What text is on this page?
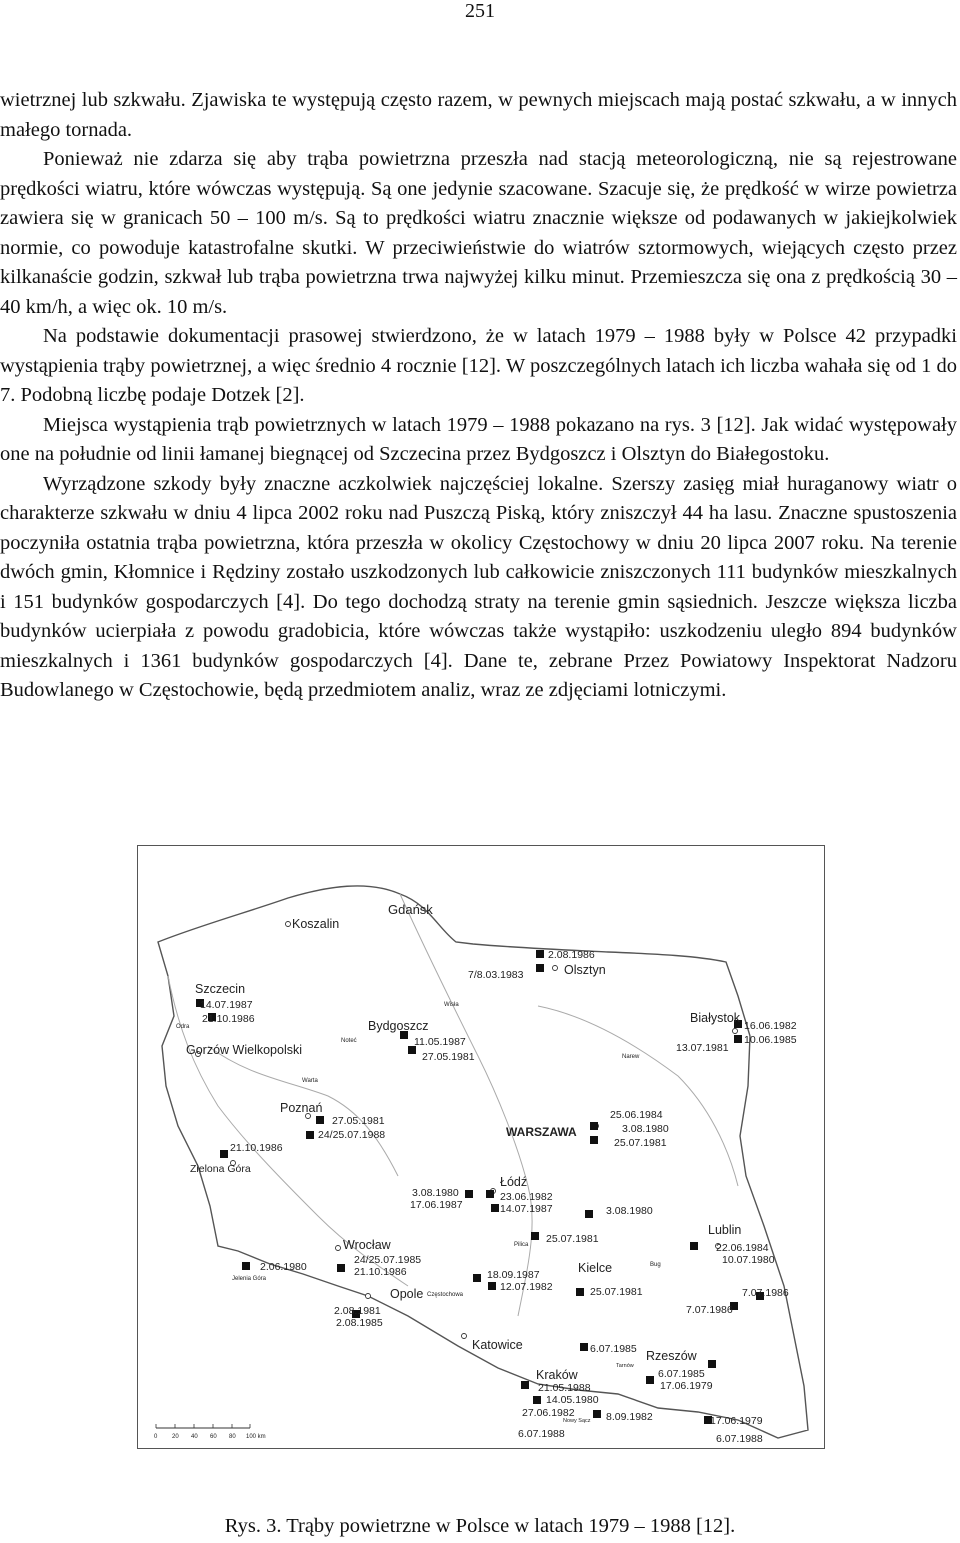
251

wietrznej lub szkwału. Zjawiska te występują często razem, w pewnych miejscach mają postać szkwału, a w innych małego tornada.

Ponieważ nie zdarza się aby trąba powietrzna przeszła nad stacją meteorologiczną, nie są rejestrowane prędkości wiatru, które wówczas występują. Są one jedynie szacowane. Szacuje się, że prędkość w wirze powietrza zawiera się w granicach 50 – 100 m/s. Są to prędkości wiatru znacznie większe od podawanych w jakiejkolwiek normie, co powoduje katastrofalne skutki. W przeciwieństwie do wiatrów sztormowych, wiejących często przez kilkanaście godzin, szkwał lub trąba powietrzna trwa najwyżej kilku minut. Przemieszcza się ona z prędkością 30 – 40 km/h, a więc ok. 10 m/s.

Na podstawie dokumentacji prasowej stwierdzono, że w latach 1979 – 1988 były w Polsce 42 przypadki wystąpienia trąby powietrznej, a więc średnio 4 rocznie [12]. W poszczególnych latach ich liczba wahała się od 1 do 7. Podobną liczbę podaje Dotzek [2].

Miejsca wystąpienia trąb powietrznych w latach 1979 – 1988 pokazano na rys. 3 [12]. Jak widać występowały one na południe od linii łamanej biegnącej od Szczecina przez Bydgoszcz i Olsztyn do Białegostoku.

Wyrządzone szkody były znaczne aczkolwiek najczęściej lokalne. Szerszy zasięg miał huraganowy wiatr o charakterze szkwału w dniu 4 lipca 2002 roku nad Puszczą Piską, który zniszczył 44 ha lasu. Znaczne spustoszenia poczyniła ostatnia trąba powietrzna, która przeszła w okolicy Częstochowy w dniu 20 lipca 2007 roku. Na terenie dwóch gmin, Kłomnice i Rędziny zostało uszkodzonych lub całkowicie zniszczonych 111 budynków mieszkalnych i 151 budynków gospodarczych [4]. Do tego dochodzą straty na terenie gmin sąsiednich. Jeszcze większa liczba budynków ucierpiała z powodu gradobicia, które wówczas także wystąpiło: uszkodzeniu uległo 894 budynków mieszkalnych i 1361 budynków gospodarczych [4]. Dane te, zebrane Przez Powiatowy Inspektorat Nadzoru Budowlanego w Częstochowie, będą przedmiotem analiz, wraz ze zdjęciami lotniczymi.

Koszalin
Gdańsk
Olsztyn
Szczecin
Białystok
Bydgoszcz
Gorzów Wielkopolski
Poznań
WARSZAWA
Zielona Góra
Łódź
Lublin
Wrocław
Jelenia Góra
Opole Częstochowa
Kielce
Katowice
Rzeszów
Kraków
Tarnów
Nowy Sącz
Odra
Warta
Noteć
Wisła
Narew
Bug
Pilica
2.08.1986
7/8.03.1983
14.07.1987
21.10.1986
16.06.1982
10.06.1985
13.07.1981
11.05.1987
27.05.1981
27.05.1981
24/25.07.1988
25.06.1984
3.08.1980
25.07.1981
21.10.1986
3.08.1980
17.06.1987
23.06.1982
14.07.1987	3.08.1980
22.06.1984
10.07.1980
25.07.1981
24/25.07.1985
21.10.1986
2.06.1980
18.09.1987
12.07.1982	25.07.1981	7.07.1986
7.07.1986
2.08.1981
2.08.1985
6.07.1985
6.07.1985
17.06.1979
21.05.1988
14.05.1980
27.06.1982	8.09.1982
6.07.1988
17.06.1979
6.07.1988
0 20 40 60 80 100 km
Rys. 3. Trąby powietrzne w Polsce w latach 1979 – 1988 [12].
